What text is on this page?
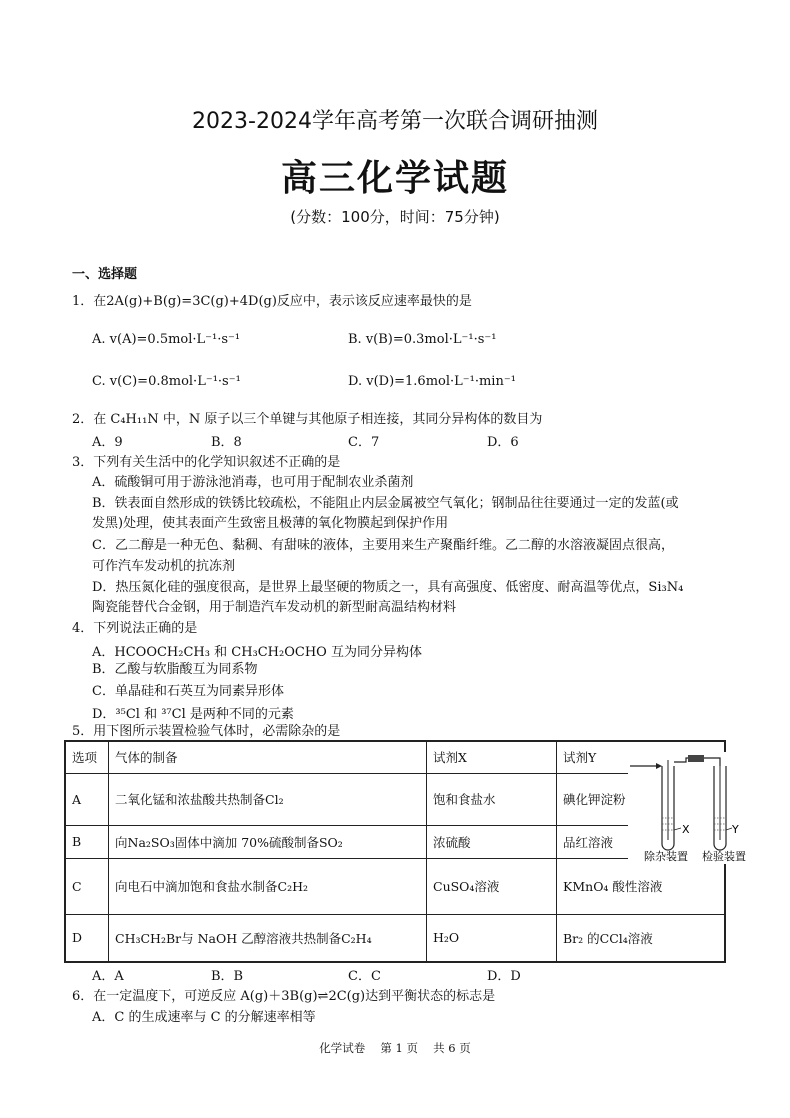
2023-2024学年高考第一次联合调研抽测
高三化学试题
(分数：100分，时间：75分钟)
一、选择题
1．在2A(g)+B(g)=3C(g)+4D(g)反应中，表示该反应速率最快的是
A. v(A)=0.5mol·L⁻¹·s⁻¹	B. v(B)=0.3mol·L⁻¹·s⁻¹
C. v(C)=0.8mol·L⁻¹·s⁻¹	D. v(D)=1.6mol·L⁻¹·min⁻¹
2．在 C₄H₁₁N 中，N 原子以三个单键与其他原子相连接，其同分异构体的数目为
A．9	B．8	C．7	D．6
3．下列有关生活中的化学知识叙述不正确的是
A．硫酸铜可用于游泳池消毒，也可用于配制农业杀菌剂
B．铁表面自然形成的铁锈比较疏松，不能阻止内层金属被空气氧化；钢制品往往要通过一定的发蓝(或
发黑)处理，使其表面产生致密且极薄的氧化物膜起到保护作用
C．乙二醇是一种无色、黏稠、有甜味的液体，主要用来生产聚酯纤维。乙二醇的水溶液凝固点很高，
可作汽车发动机的抗冻剂
D．热压氮化硅的强度很高，是世界上最坚硬的物质之一，具有高强度、低密度、耐高温等优点，Si₃N₄
陶瓷能替代合金钢，用于制造汽车发动机的新型耐高温结构材料
4．下列说法正确的是
A．HCOOCH₂CH₃ 和 CH₃CH₂OCHO 互为同分异构体
B．乙酸与软脂酸互为同系物
C．单晶硅和石英互为同素异形体
D．³⁵Cl 和 ³⁷Cl 是两种不同的元素
5．用下图所示装置检验气体时，必需除杂的是
选项	气体的制备	试剂X	试剂Y
A	二氧化锰和浓盐酸共热制备Cl₂	饱和食盐水	碘化钾淀粉
B	向Na₂SO₃固体中滴加 70%硫酸制备SO₂	浓硫酸	品红溶液
C	向电石中滴加饱和食盐水制备C₂H₂	CuSO₄溶液	KMnO₄ 酸性溶液
D	CH₃CH₂Br与 NaOH 乙醇溶液共热制备C₂H₄	H₂O	Br₂ 的CCl₄溶液
X	Y
除杂装置 检验装置
A．A	B．B	C．C	D．D
6．在一定温度下，可逆反应 A(g)＋3B(g)⇌2C(g)达到平衡状态的标志是
A．C 的生成速率与 C 的分解速率相等
化学试卷　 第 1 页　 共 6 页
